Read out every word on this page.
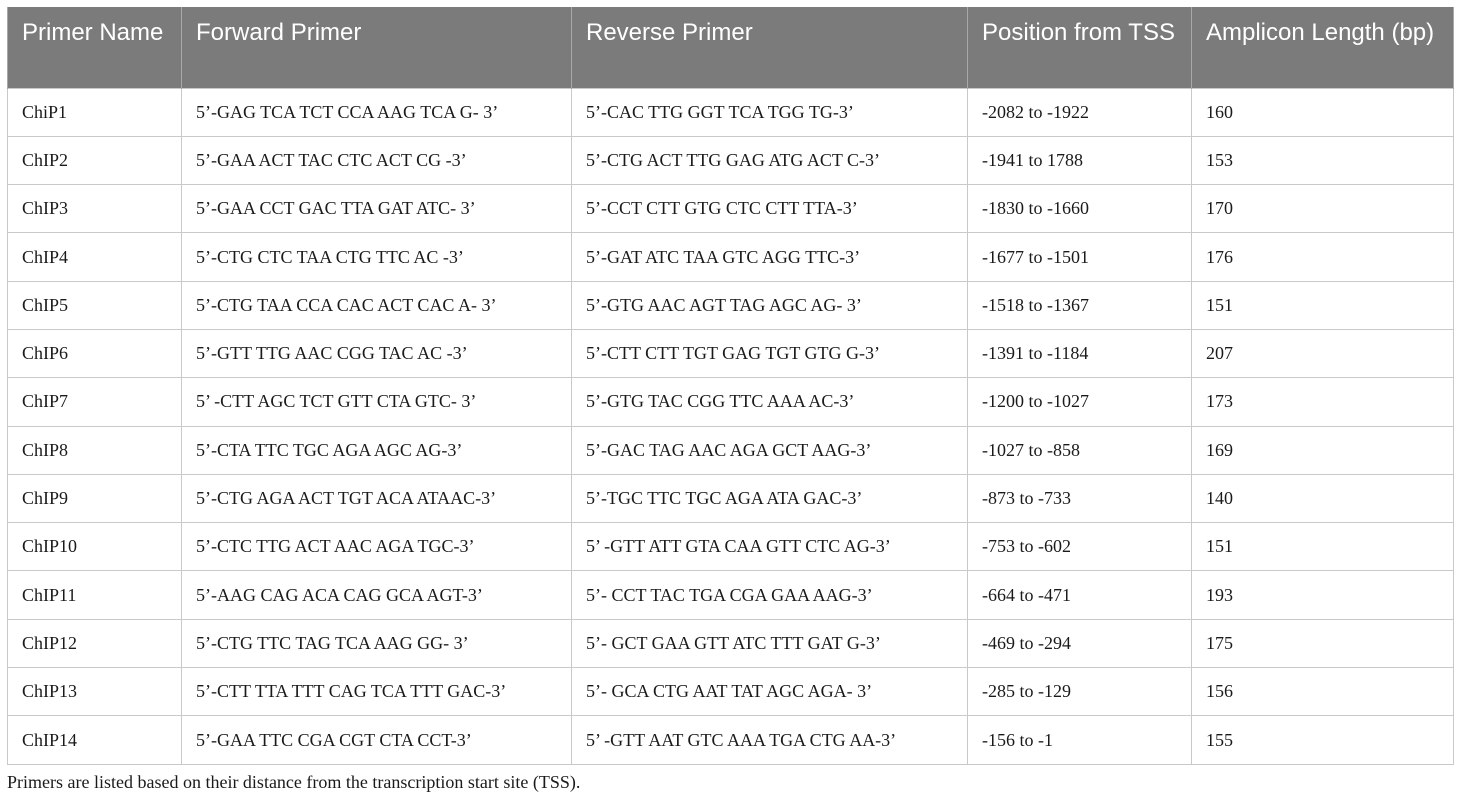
Primer Name	Forward Primer	Reverse Primer	Position from TSS	Amplicon Length (bp)
ChiP1	5’-GAG TCA TCT CCA AAG TCA G- 3’	5’-CAC TTG GGT TCA TGG TG-3’	-2082 to -1922	160
ChIP2	5’-GAA ACT TAC CTC ACT CG -3’	5’-CTG ACT TTG GAG ATG ACT C-3’	-1941 to 1788	153
ChIP3	5’-GAA CCT GAC TTA GAT ATC- 3’	5’-CCT CTT GTG CTC CTT TTA-3’	-1830 to -1660	170
ChIP4	5’-CTG CTC TAA CTG TTC AC -3’	5’-GAT ATC TAA GTC AGG TTC-3’	-1677 to -1501	176
ChIP5	5’-CTG TAA CCA CAC ACT CAC A- 3’	5’-GTG AAC AGT TAG AGC AG- 3’	-1518 to -1367	151
ChIP6	5’-GTT TTG AAC CGG TAC AC -3’	5’-CTT CTT TGT GAG TGT GTG G-3’	-1391 to -1184	207
ChIP7	5’ -CTT AGC TCT GTT CTA GTC- 3’	5’-GTG TAC CGG TTC AAA AC-3’	-1200 to -1027	173
ChIP8	5’-CTA TTC TGC AGA AGC AG-3’	5’-GAC TAG AAC AGA GCT AAG-3’	-1027 to -858	169
ChIP9	5’-CTG AGA ACT TGT ACA ATAAC-3’	5’-TGC TTC TGC AGA ATA GAC-3’	-873 to -733	140
ChIP10	5’-CTC TTG ACT AAC AGA TGC-3’	5’ -GTT ATT GTA CAA GTT CTC AG-3’	-753 to -602	151
ChIP11	5’-AAG CAG ACA CAG GCA AGT-3’	5’- CCT TAC TGA CGA GAA AAG-3’	-664 to -471	193
ChIP12	5’-CTG TTC TAG TCA AAG GG- 3’	5’- GCT GAA GTT ATC TTT GAT G-3’	-469 to -294	175
ChIP13	5’-CTT TTA TTT CAG TCA TTT GAC-3’	5’- GCA CTG AAT TAT AGC AGA- 3’	-285 to -129	156
ChIP14	5’-GAA TTC CGA CGT CTA CCT-3’	5’ -GTT AAT GTC AAA TGA CTG AA-3’	-156 to -1	155
Primers are listed based on their distance from the transcription start site (TSS).
